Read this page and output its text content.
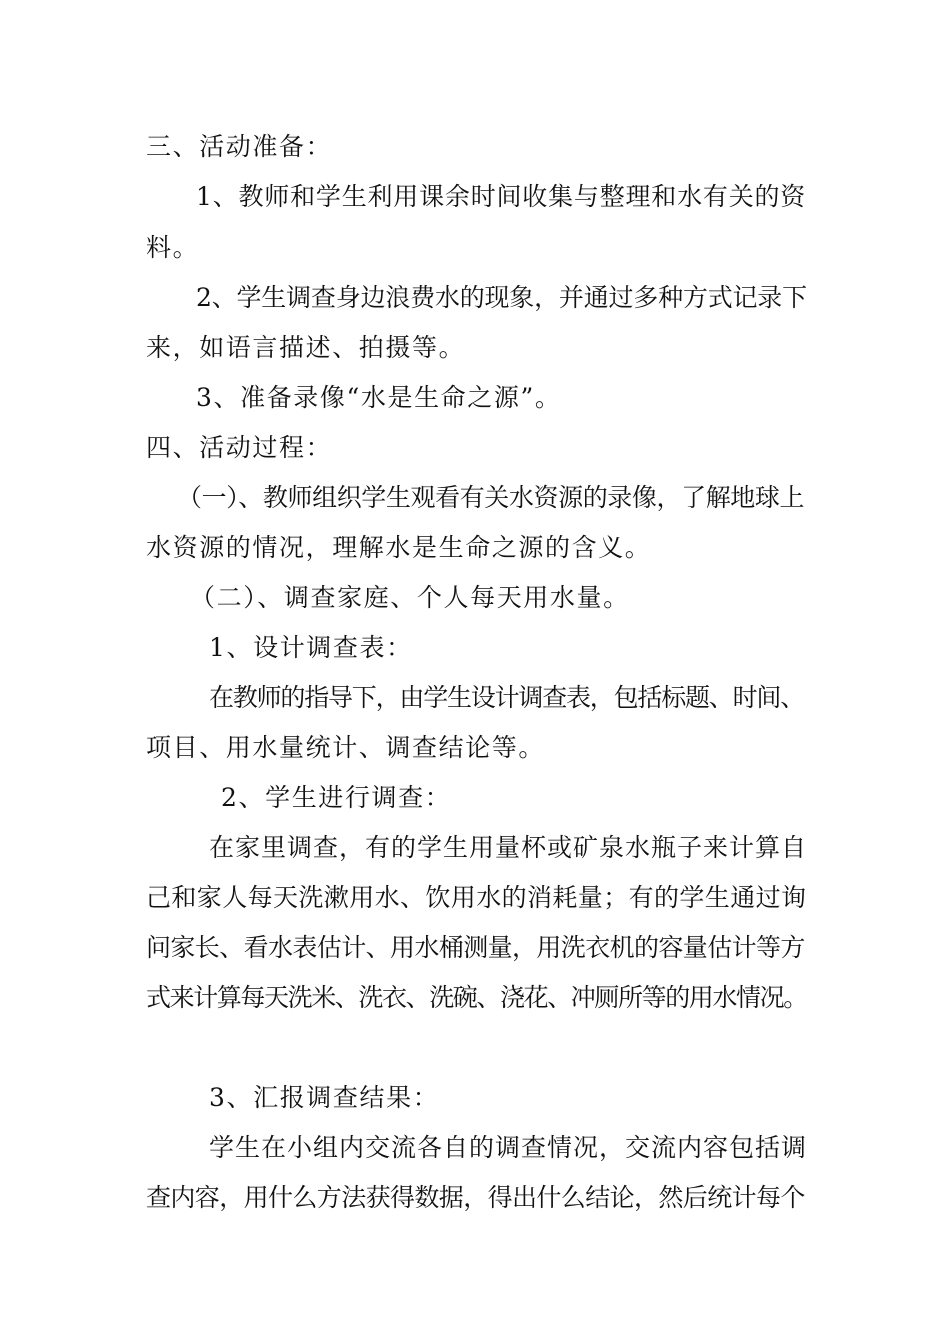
三、活动准备：
1、教师和学生利用课余时间收集与整理和水有关的资
料。
2、学生调查身边浪费水的现象，并通过多种方式记录下
来，如语言描述、拍摄等。
3、准备录像“水是生命之源”。
四、活动过程：
（一）、教师组织学生观看有关水资源的录像，了解地球上
水资源的情况，理解水是生命之源的含义。
（二）、调查家庭、个人每天用水量。
1、设计调查表：
在教师的指导下，由学生设计调查表，包括标题、时间、
项目、用水量统计、调查结论等。
2、学生进行调查：
在家里调查，有的学生用量杯或矿泉水瓶子来计算自
己和家人每天洗漱用水、饮用水的消耗量；有的学生通过询
问家长、看水表估计、用水桶测量，用洗衣机的容量估计等方
式来计算每天洗米、洗衣、洗碗、浇花、冲厕所等的用水情况。
3、汇报调查结果：
学生在小组内交流各自的调查情况，交流内容包括调
查内容，用什么方法获得数据，得出什么结论，然后统计每个
